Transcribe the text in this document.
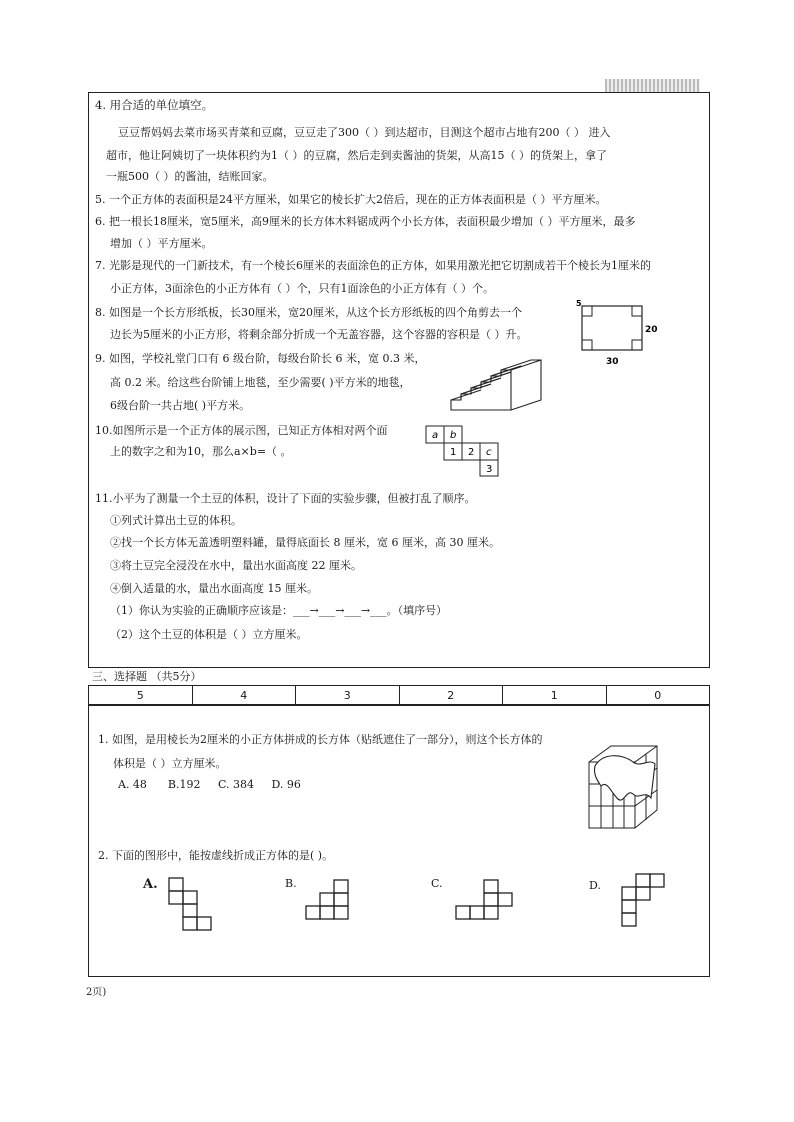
4. 用合适的单位填空。
豆豆帮妈妈去菜市场买青菜和豆腐，豆豆走了300（ ）到达超市，目测这个超市占地有200（ ） 进入
超市，他让阿姨切了一块体积约为1（ ）的豆腐，然后走到卖酱油的货架，从高15（ ）的货架上，拿了
一瓶500（ ）的酱油，结账回家。
5. 一个正方体的表面积是24平方厘米，如果它的棱长扩大2倍后，现在的正方体表面积是（ ）平方厘米。
6. 把一根长18厘米，宽5厘米，高9厘米的长方体木料锯成两个小长方体，表面积最少增加（ ）平方厘米，最多
增加（ ）平方厘米。
7. 光影是现代的一门新技术，有一个棱长6厘米的表面涂色的正方体，如果用激光把它切割成若干个棱长为1厘米的
小正方体，3面涂色的小正方体有（ ）个，只有1面涂色的小正方体有（ ）个。
8. 如图是一个长方形纸板，长30厘米，宽20厘米，从这个长方形纸板的四个角剪去一个
边长为5厘米的小正方形，将剩余部分折成一个无盖容器，这个容器的容积是（ ）升。
5
20
30
9. 如图，学校礼堂门口有 6 级台阶，每级台阶长 6 米，宽 0.3 米，
高 0.2 米。给这些台阶铺上地毯，至少需要( )平方米的地毯，
6级台阶一共占地( )平方米。
10.如图所示是一个正方体的展示图，已知正方体相对两个面
上的数字之和为10，那么a×b=（ 。
a b
1 2 c
3
11.小平为了测量一个土豆的体积，设计了下面的实验步骤，但被打乱了顺序。
①列式计算出土豆的体积。
②找一个长方体无盖透明塑料罐，量得底面长 8 厘米，宽 6 厘米，高 30 厘米。
③将土豆完全浸没在水中，量出水面高度 22 厘米。
④倒入适量的水，量出水面高度 15 厘米。
（1）你认为实验的正确顺序应该是：___→___→___→___。（填序号）
（2）这个土豆的体积是（ ）立方厘米。
三、选择题 （共5分）
5	4	3	2	1	0
1. 如图，是用棱长为2厘米的小正方体拼成的长方体（贴纸遮住了一部分），则这个长方体的
体积是（ ）立方厘米。
A. 48      B.192     C. 384     D. 96
2. 下面的图形中，能按虚线折成正方体的是( )。
A.	B.	C.	D.
2页)
